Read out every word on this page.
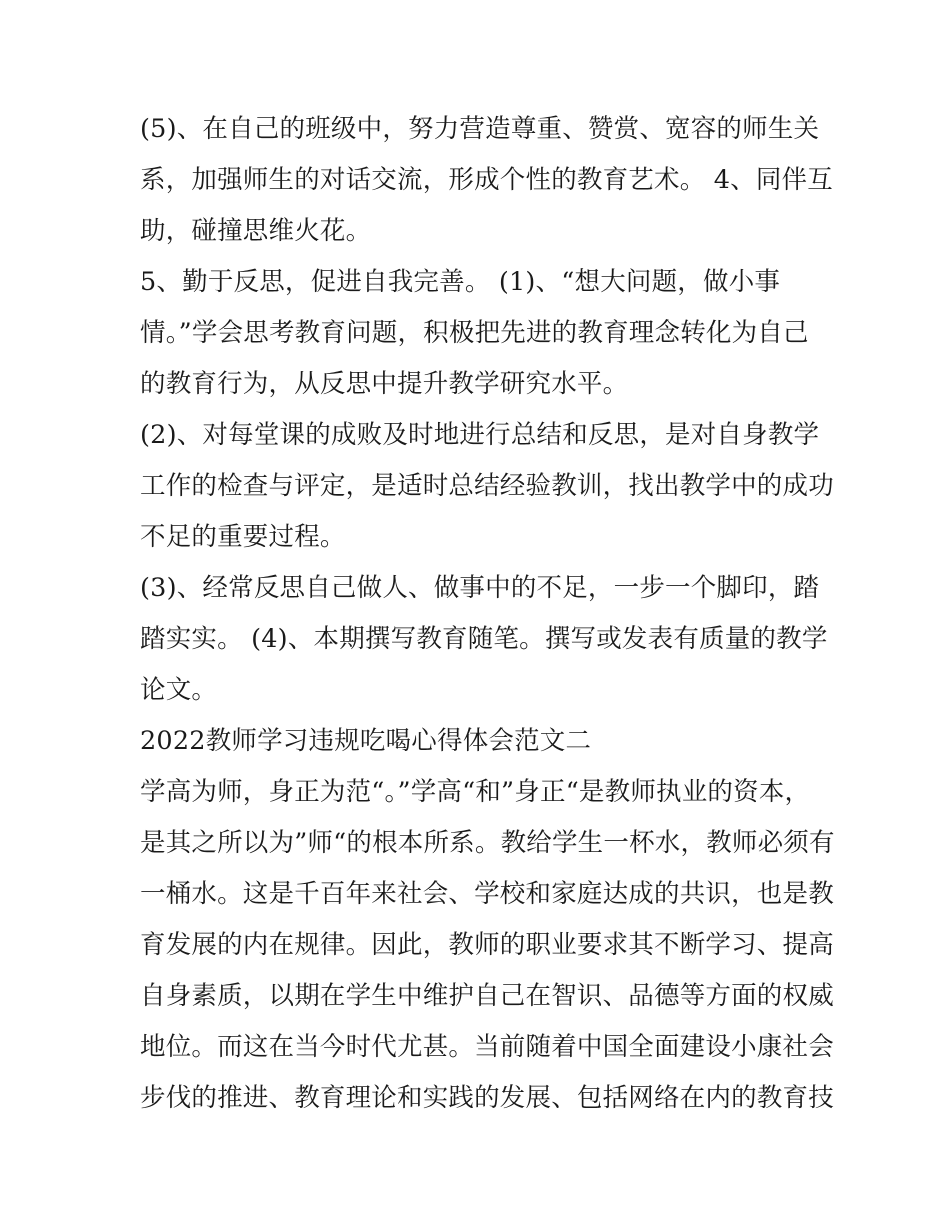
(5)、在自己的班级中，努力营造尊重、赞赏、宽容的师生关
系，加强师生的对话交流，形成个性的教育艺术。 4、同伴互
助，碰撞思维火花。
5、勤于反思，促进自我完善。 (1)、“想大问题，做小事
情。”学会思考教育问题，积极把先进的教育理念转化为自己
的教育行为，从反思中提升教学研究水平。
(2)、对每堂课的成败及时地进行总结和反思，是对自身教学
工作的检查与评定，是适时总结经验教训，找出教学中的成功
不足的重要过程。
(3)、经常反思自己做人、做事中的不足，一步一个脚印，踏
踏实实。 (4)、本期撰写教育随笔。撰写或发表有质量的教学
论文。
2022教师学习违规吃喝心得体会范文二
学高为师，身正为范“。”学高“和”身正“是教师执业的资本，
是其之所以为”师“的根本所系。教给学生一杯水，教师必须有
一桶水。这是千百年来社会、学校和家庭达成的共识，也是教
育发展的内在规律。因此，教师的职业要求其不断学习、提高
自身素质，以期在学生中维护自己在智识、品德等方面的权威
地位。而这在当今时代尤甚。当前随着中国全面建设小康社会
步伐的推进、教育理论和实践的发展、包括网络在内的教育技
